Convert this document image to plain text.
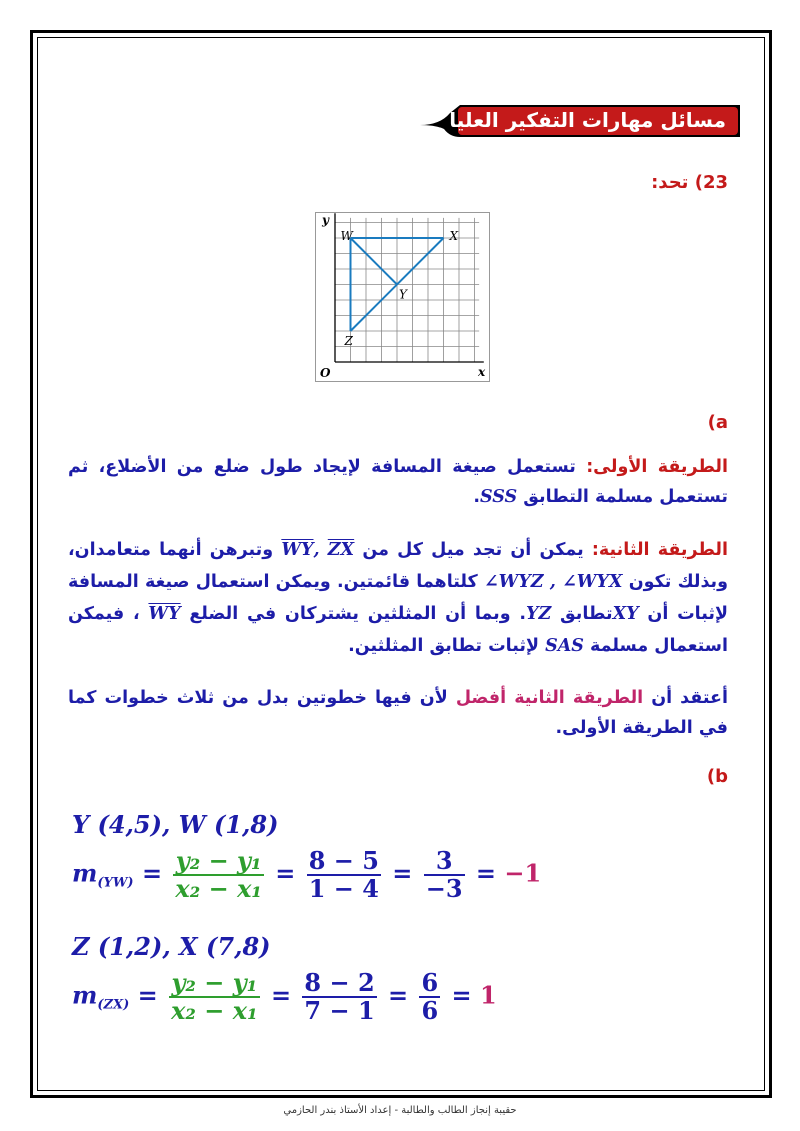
مسائل مهارات التفكير العليا
23) تحد:
y
x
O
W	X
Y
Z
(a
الطريقة الأولى: تستعمل صيغة المسافة لإيجاد طول ضلع من الأضلاع، ثم تستعمل مسلمة التطابق SSS.
الطريقة الثانية: يمكن أن تجد ميل كل من $\overline{ZX}$ $,\overline{WY}$ وتبرهن أنهما متعامدان، وبذلك تكون ∠WYZ , ∠WYX كلتاهما قائمتين. ويمكن استعمال صيغة المسافة لإثبات أن XYتطابق YZ. وبما أن المثلثين يشتركان في الضلع $\overline{WY}$ ، فيمكن استعمال مسلمة SAS لإثبات تطابق المثلثين.
أعتقد أن الطريقة الثانية أفضل لأن فيها خطوتين بدل من ثلاث خطوات كما في الطريقة الأولى.
(b
Y (4,5), W (1,8)
$m_{(YW)} = \frac{\text{y₂ − y₁}}{\text{x₂ − x₁}} = \frac{8 - 5}{1 - 4} = \frac{3}{-3} = -1$
Z (1,2), X (7,8)
$m_{(ZX)} = \frac{\text{y₂ − y₁}}{\text{x₂ − x₁}} = \frac{8 - 2}{7 - 1} = \frac{6}{6} = 1$
حقيبة إنجاز الطالب والطالبة - إعداد الأستاذ بندر الحازمي
